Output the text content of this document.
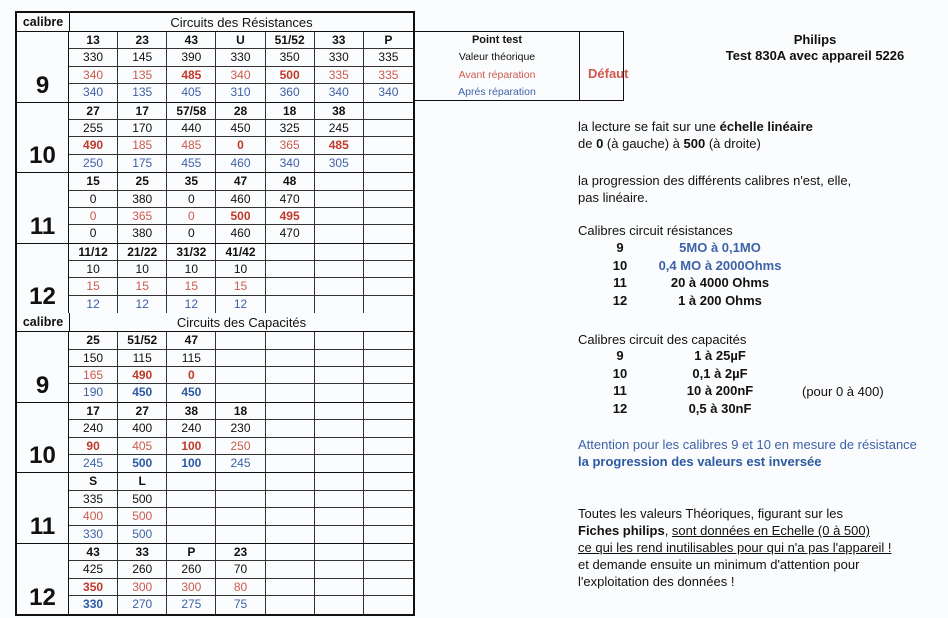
calibre	Circuits des Résistances
9
13	23	43	U	51/52	33	P
330	145	390	330	350	330	335
340	135	485	340	500	335	335
340	135	405	310	360	340	340
10
27	17	57/58	28	18	38
255	170	440	450	325	245
490	185	485	0	365	485
250	175	455	460	340	305
11
15	25	35	47	48
0	380	0	460	470
0	365	0	500	495
0	380	0	460	470
12
11/12	21/22	31/32	41/42
10	10	10	10
15	15	15	15
12	12	12	12
calibre	Circuits des Capacités
9
25	51/52	47
150	115	115
165	490	0
190	450	450
10
17	27	38	18
240	400	240	230
90	405	100	250
245	500	100	245
11
S	L
335	500
400	500
330	500
12
43	33	P	23
425	260	260	70
350	300	300	80
330	270	275	75
Point test
Valeur théorique
Avant réparation
Aprés réparation
Défaut
Philips
Test 830A avec appareil 5226
la lecture se fait sur une échelle linéaire
de 0 (à gauche) à 500 (à droite)
la progression des différents calibres n'est, elle,
pas linéaire.
Calibres circuit résistances
9	5MO à 0,1MO
10	0,4 MO à 2000Ohms
11	20 à 4000 Ohms
12	1 à 200 Ohms
Calibres circuit des capacités
9	1 à 25µF
10	0,1 à 2µF
11	10 à 200nF
12	0,5 à 30nF
(pour 0 à 400)
Attention pour les calibres 9 et 10 en mesure de résistance
la progression des valeurs est inversée
Toutes les valeurs Théoriques, figurant sur les
Fiches philips, sont données en Echelle (0 à 500)
ce qui les rend inutilisables pour qui n'a pas l'appareil !
et demande ensuite un minimum d'attention pour
l'exploitation des données !
